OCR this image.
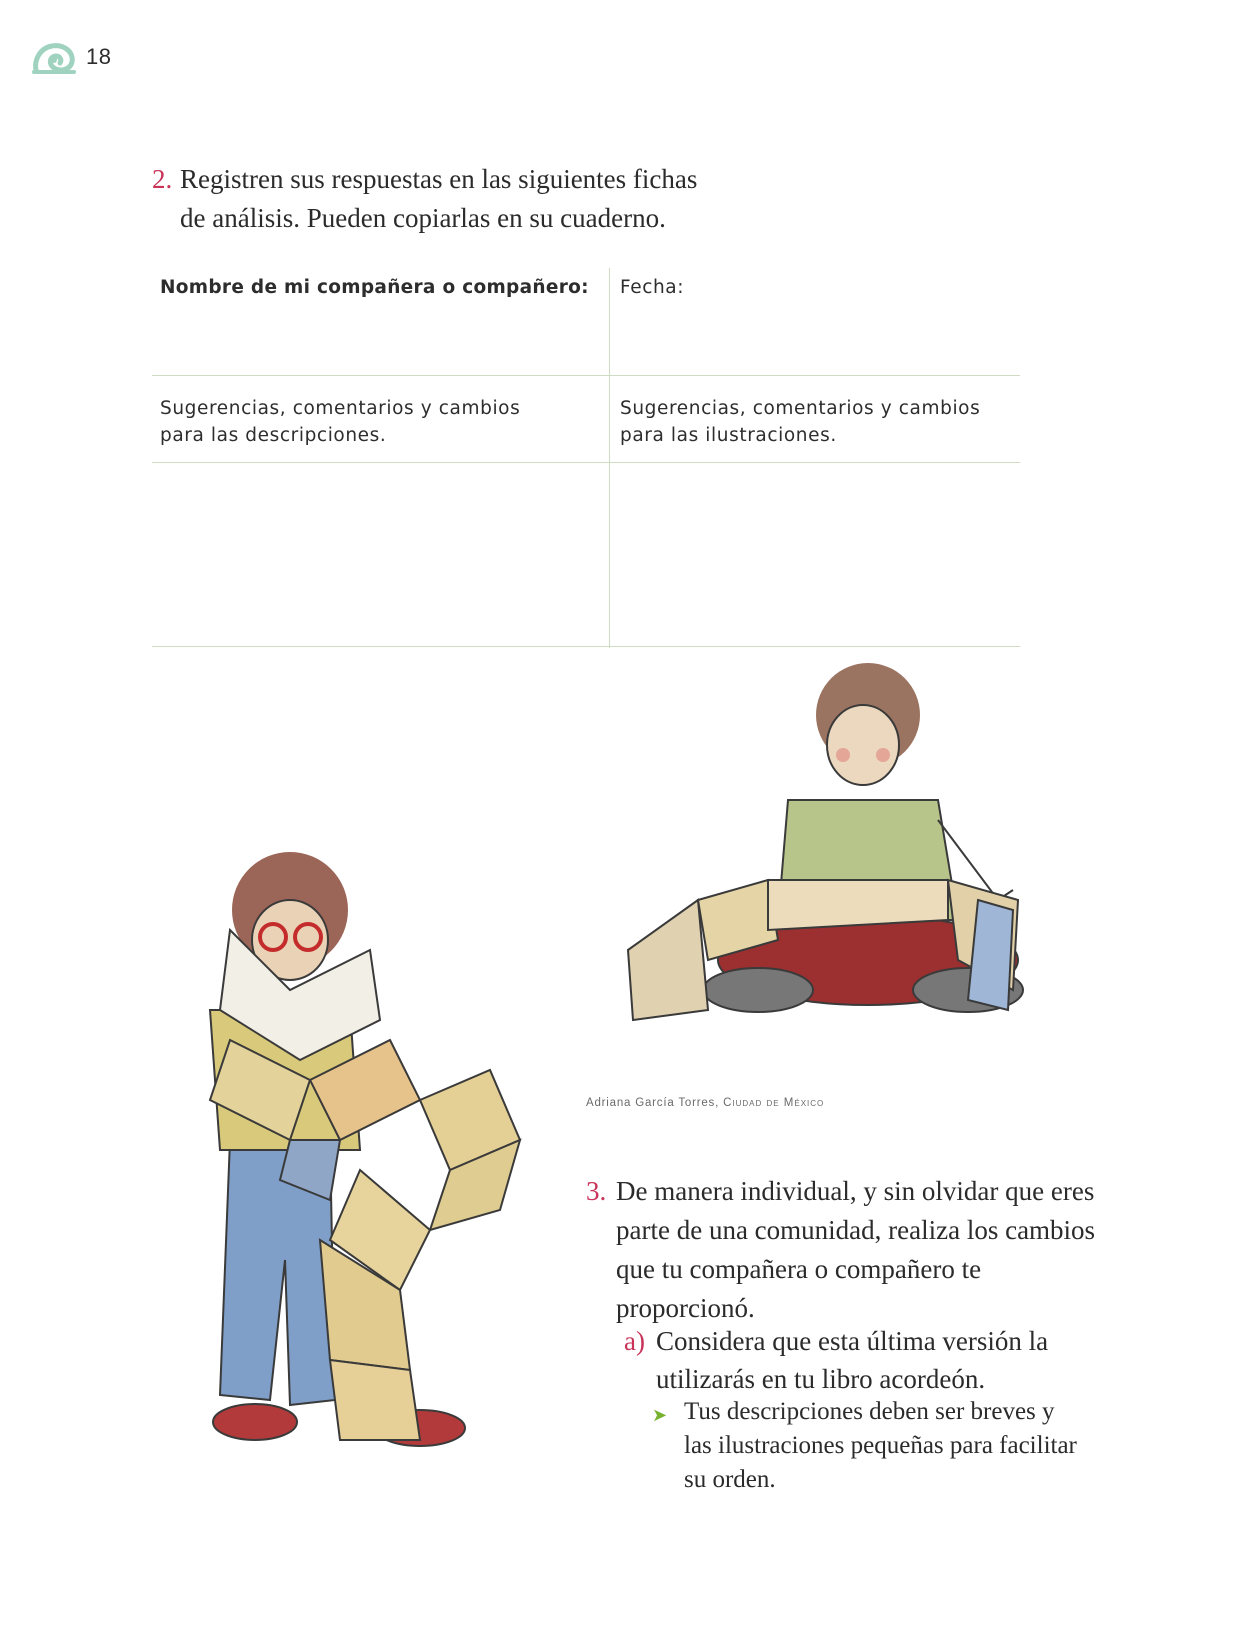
18
2. Registren sus respuestas en las siguientes fichas de análisis. Pueden copiarlas en su cuaderno.
Nombre de mi compañera o compañero: Fecha:
Sugerencias, comentarios y cambios
para las descripciones.
Sugerencias, comentarios y cambios
para las ilustraciones.
Adriana García Torres, Ciudad de México
3. De manera individual, y sin olvidar que eres parte de una comunidad, realiza los cambios que tu compañera o compañero te proporcionó.
a) Considera que esta última versión la utilizarás en tu libro acordeón.
➤ Tus descripciones deben ser breves y las ilustraciones pequeñas para facilitar su orden.
